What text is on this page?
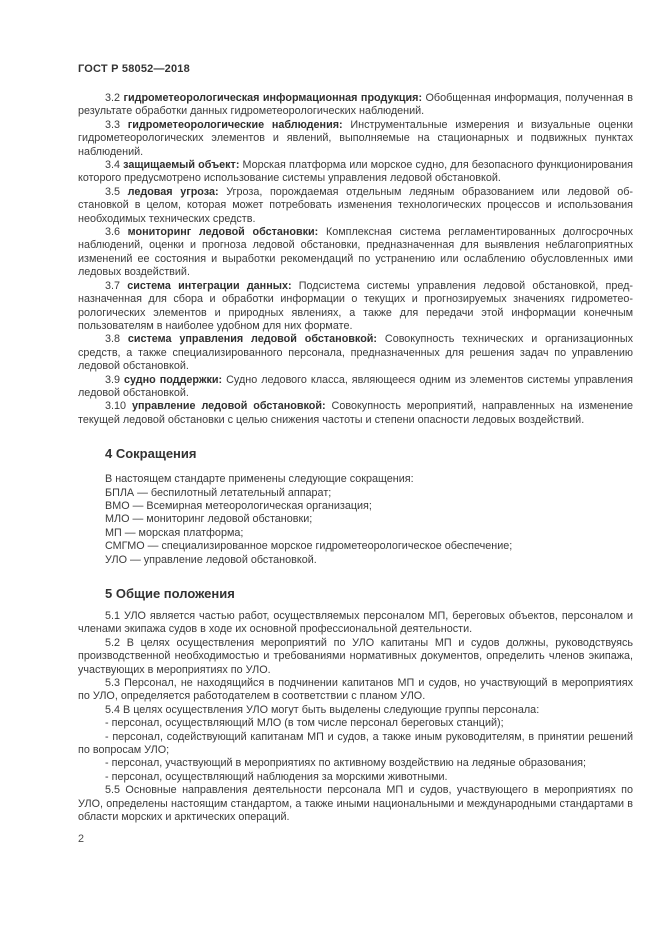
ГОСТ Р 58052—2018

3.2 гидрометеорологическая информационная продукция: Обобщенная информация, полученная в результате обработки данных гидрометеорологических наблюдений.

3.3 гидрометеорологические наблюдения: Инструментальные измерения и визуальные оценки гидрометеорологических элементов и явлений, выполняемые на стационарных и подвижных пунктах наблюдений.

3.4 защищаемый объект: Морская платформа или морское судно, для безопасного функционирования которого предусмотрено использование системы управления ледовой обстановкой.

3.5 ледовая угроза: Угроза, порождаемая отдельным ледяным образованием или ледовой обстановкой в целом, которая может потребовать изменения технологических процессов и использования необходимых технических средств.

3.6 мониторинг ледовой обстановки: Комплексная система регламентированных долгосрочных наблюдений, оценки и прогноза ледовой обстановки, предназначенная для выявления неблагоприятных изменений ее состояния и выработки рекомендаций по устранению или ослаблению обусловленных ими ледовых воздействий.

3.7 система интеграции данных: Подсистема системы управления ледовой обстановкой, предназначенная для сбора и обработки информации о текущих и прогнозируемых значениях гидрометеорологических элементов и природных явлениях, а также для передачи этой информации конечным пользователям в наиболее удобном для них формате.

3.8 система управления ледовой обстановкой: Совокупность технических и организационных средств, а также специализированного персонала, предназначенных для решения задач по управлению ледовой обстановкой.

3.9 судно поддержки: Судно ледового класса, являющееся одним из элементов системы управления ледовой обстановкой.

3.10 управление ледовой обстановкой: Совокупность мероприятий, направленных на изменение текущей ледовой обстановки с целью снижения частоты и степени опасности ледовых воздействий.

4 Сокращения

В настоящем стандарте применены следующие сокращения:

БПЛА — беспилотный летательный аппарат;

ВМО — Всемирная метеорологическая организация;

МЛО — мониторинг ледовой обстановки;

МП — морская платформа;

СМГМО — специализированное морское гидрометеорологическое обеспечение;

УЛО — управление ледовой обстановкой.

5 Общие положения

5.1 УЛО является частью работ, осуществляемых персоналом МП, береговых объектов, персоналом и членами экипажа судов в ходе их основной профессиональной деятельности.

5.2 В целях осуществления мероприятий по УЛО капитаны МП и судов должны, руководствуясь производственной необходимостью и требованиями нормативных документов, определить членов экипажа, участвующих в мероприятиях по УЛО.

5.3 Персонал, не находящийся в подчинении капитанов МП и судов, но участвующий в мероприятиях по УЛО, определяется работодателем в соответствии с планом УЛО.

5.4 В целях осуществления УЛО могут быть выделены следующие группы персонала:

- персонал, осуществляющий МЛО (в том числе персонал береговых станций);

- персонал, содействующий капитанам МП и судов, а также иным руководителям, в принятии решений по вопросам УЛО;

- персонал, участвующий в мероприятиях по активному воздействию на ледяные образования;

- персонал, осуществляющий наблюдения за морскими животными.

5.5 Основные направления деятельности персонала МП и судов, участвующего в мероприятиях по УЛО, определены настоящим стандартом, а также иными национальными и международными стандартами в области морских и арктических операций.

2
